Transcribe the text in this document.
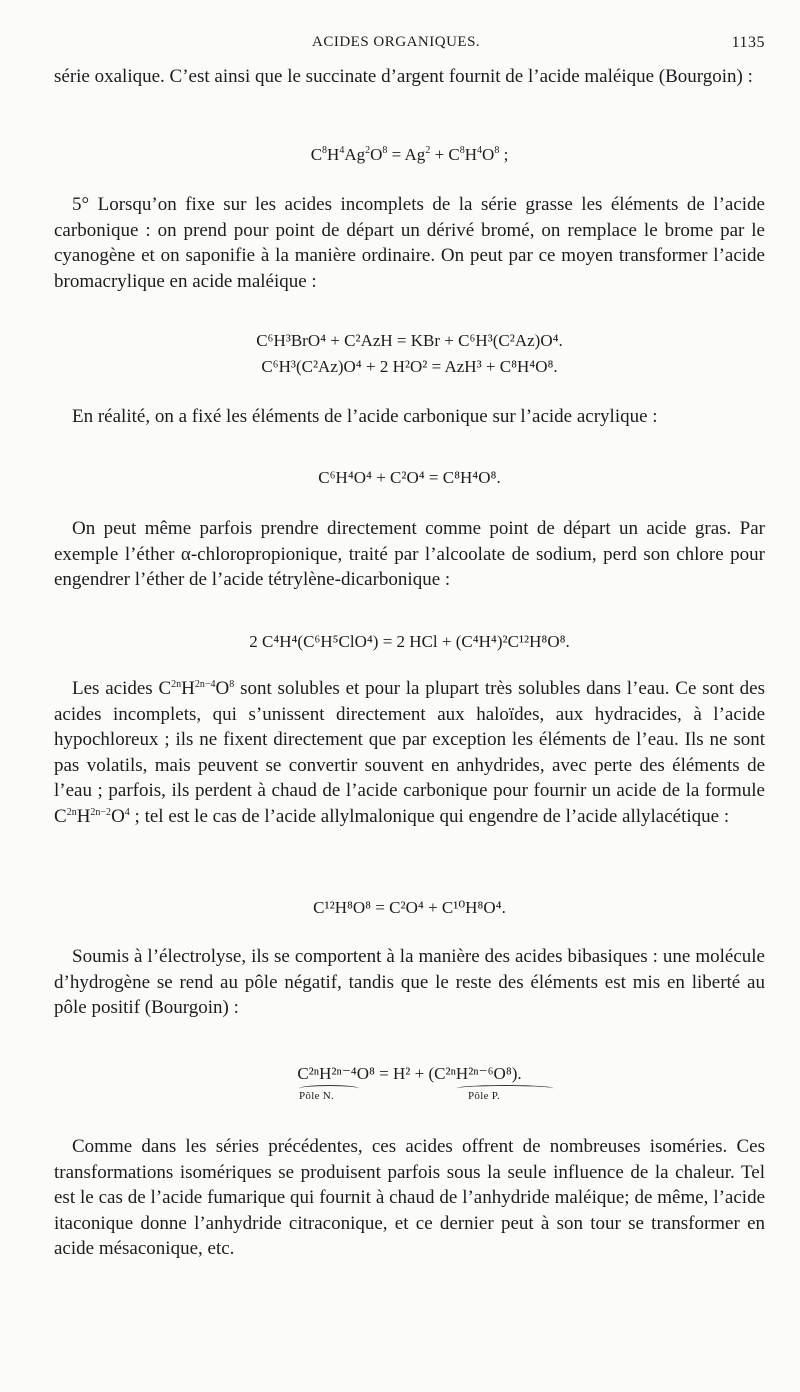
ACIDES ORGANIQUES.	1135

série oxalique. C’est ainsi que le succinate d’argent fournit de l’acide maléique (Bourgoin) :

$C^8H^4Ag^2O^8 = Ag^2 + C^8H^4O^8$ ;

5° Lorsqu’on fixe sur les acides incomplets de la série grasse les éléments de l’acide carbonique : on prend pour point de départ un dérivé bromé, on remplace le brome par le cyanogène et on saponifie à la manière ordinaire. On peut par ce moyen transformer l’acide bromacrylique en acide maléique :

C⁶H³BrO⁴ + C²AzH = KBr + C⁶H³(C²Az)O⁴.
C⁶H³(C²Az)O⁴ + 2 H²O² = AzH³ + C⁸H⁴O⁸.

En réalité, on a fixé les éléments de l’acide carbonique sur l’acide acrylique :

C⁶H⁴O⁴ + C²O⁴ = C⁸H⁴O⁸.

On peut même parfois prendre directement comme point de départ un acide gras. Par exemple l’éther α-chloropropionique, traité par l’alcoolate de sodium, perd son chlore pour engendrer l’éther de l’acide tétrylène-dicarbonique :

2 C⁴H⁴(C⁶H⁵ClO⁴) = 2 HCl + (C⁴H⁴)²C¹²H⁸O⁸.

Les acides $C^{2n}H^{2n-4}O^8$ sont solubles et pour la plupart très solubles dans l’eau. Ce sont des acides incomplets, qui s’unissent directement aux haloïdes, aux hydracides, à l’acide hypochloreux ; ils ne fixent directement que par exception les éléments de l’eau. Ils ne sont pas volatils, mais peuvent se convertir souvent en anhydrides, avec perte des éléments de l’eau ; parfois, ils perdent à chaud de l’acide carbonique pour fournir un acide de la formule $C^{2n}H^{2n-2}O^4$ ; tel est le cas de l’acide allylmalonique qui engendre de l’acide allylacétique :

C¹²H⁸O⁸ = C²O⁴ + C¹⁰H⁸O⁴.

Soumis à l’électrolyse, ils se comportent à la manière des acides bibasiques : une molécule d’hydrogène se rend au pôle négatif, tandis que le reste des éléments est mis en liberté au pôle positif (Bourgoin) :

C²ⁿH²ⁿ⁻⁴O⁸ = H² + (C²ⁿH²ⁿ⁻⁶O⁸).
Pôle N.	Pôle P.

Comme dans les séries précédentes, ces acides offrent de nombreuses isoméries. Ces transformations isomériques se produisent parfois sous la seule influence de la chaleur. Tel est le cas de l’acide fumarique qui fournit à chaud de l’anhydride maléique; de même, l’acide itaconique donne l’anhydride citraconique, et ce dernier peut à son tour se transformer en acide mésaconique, etc.
